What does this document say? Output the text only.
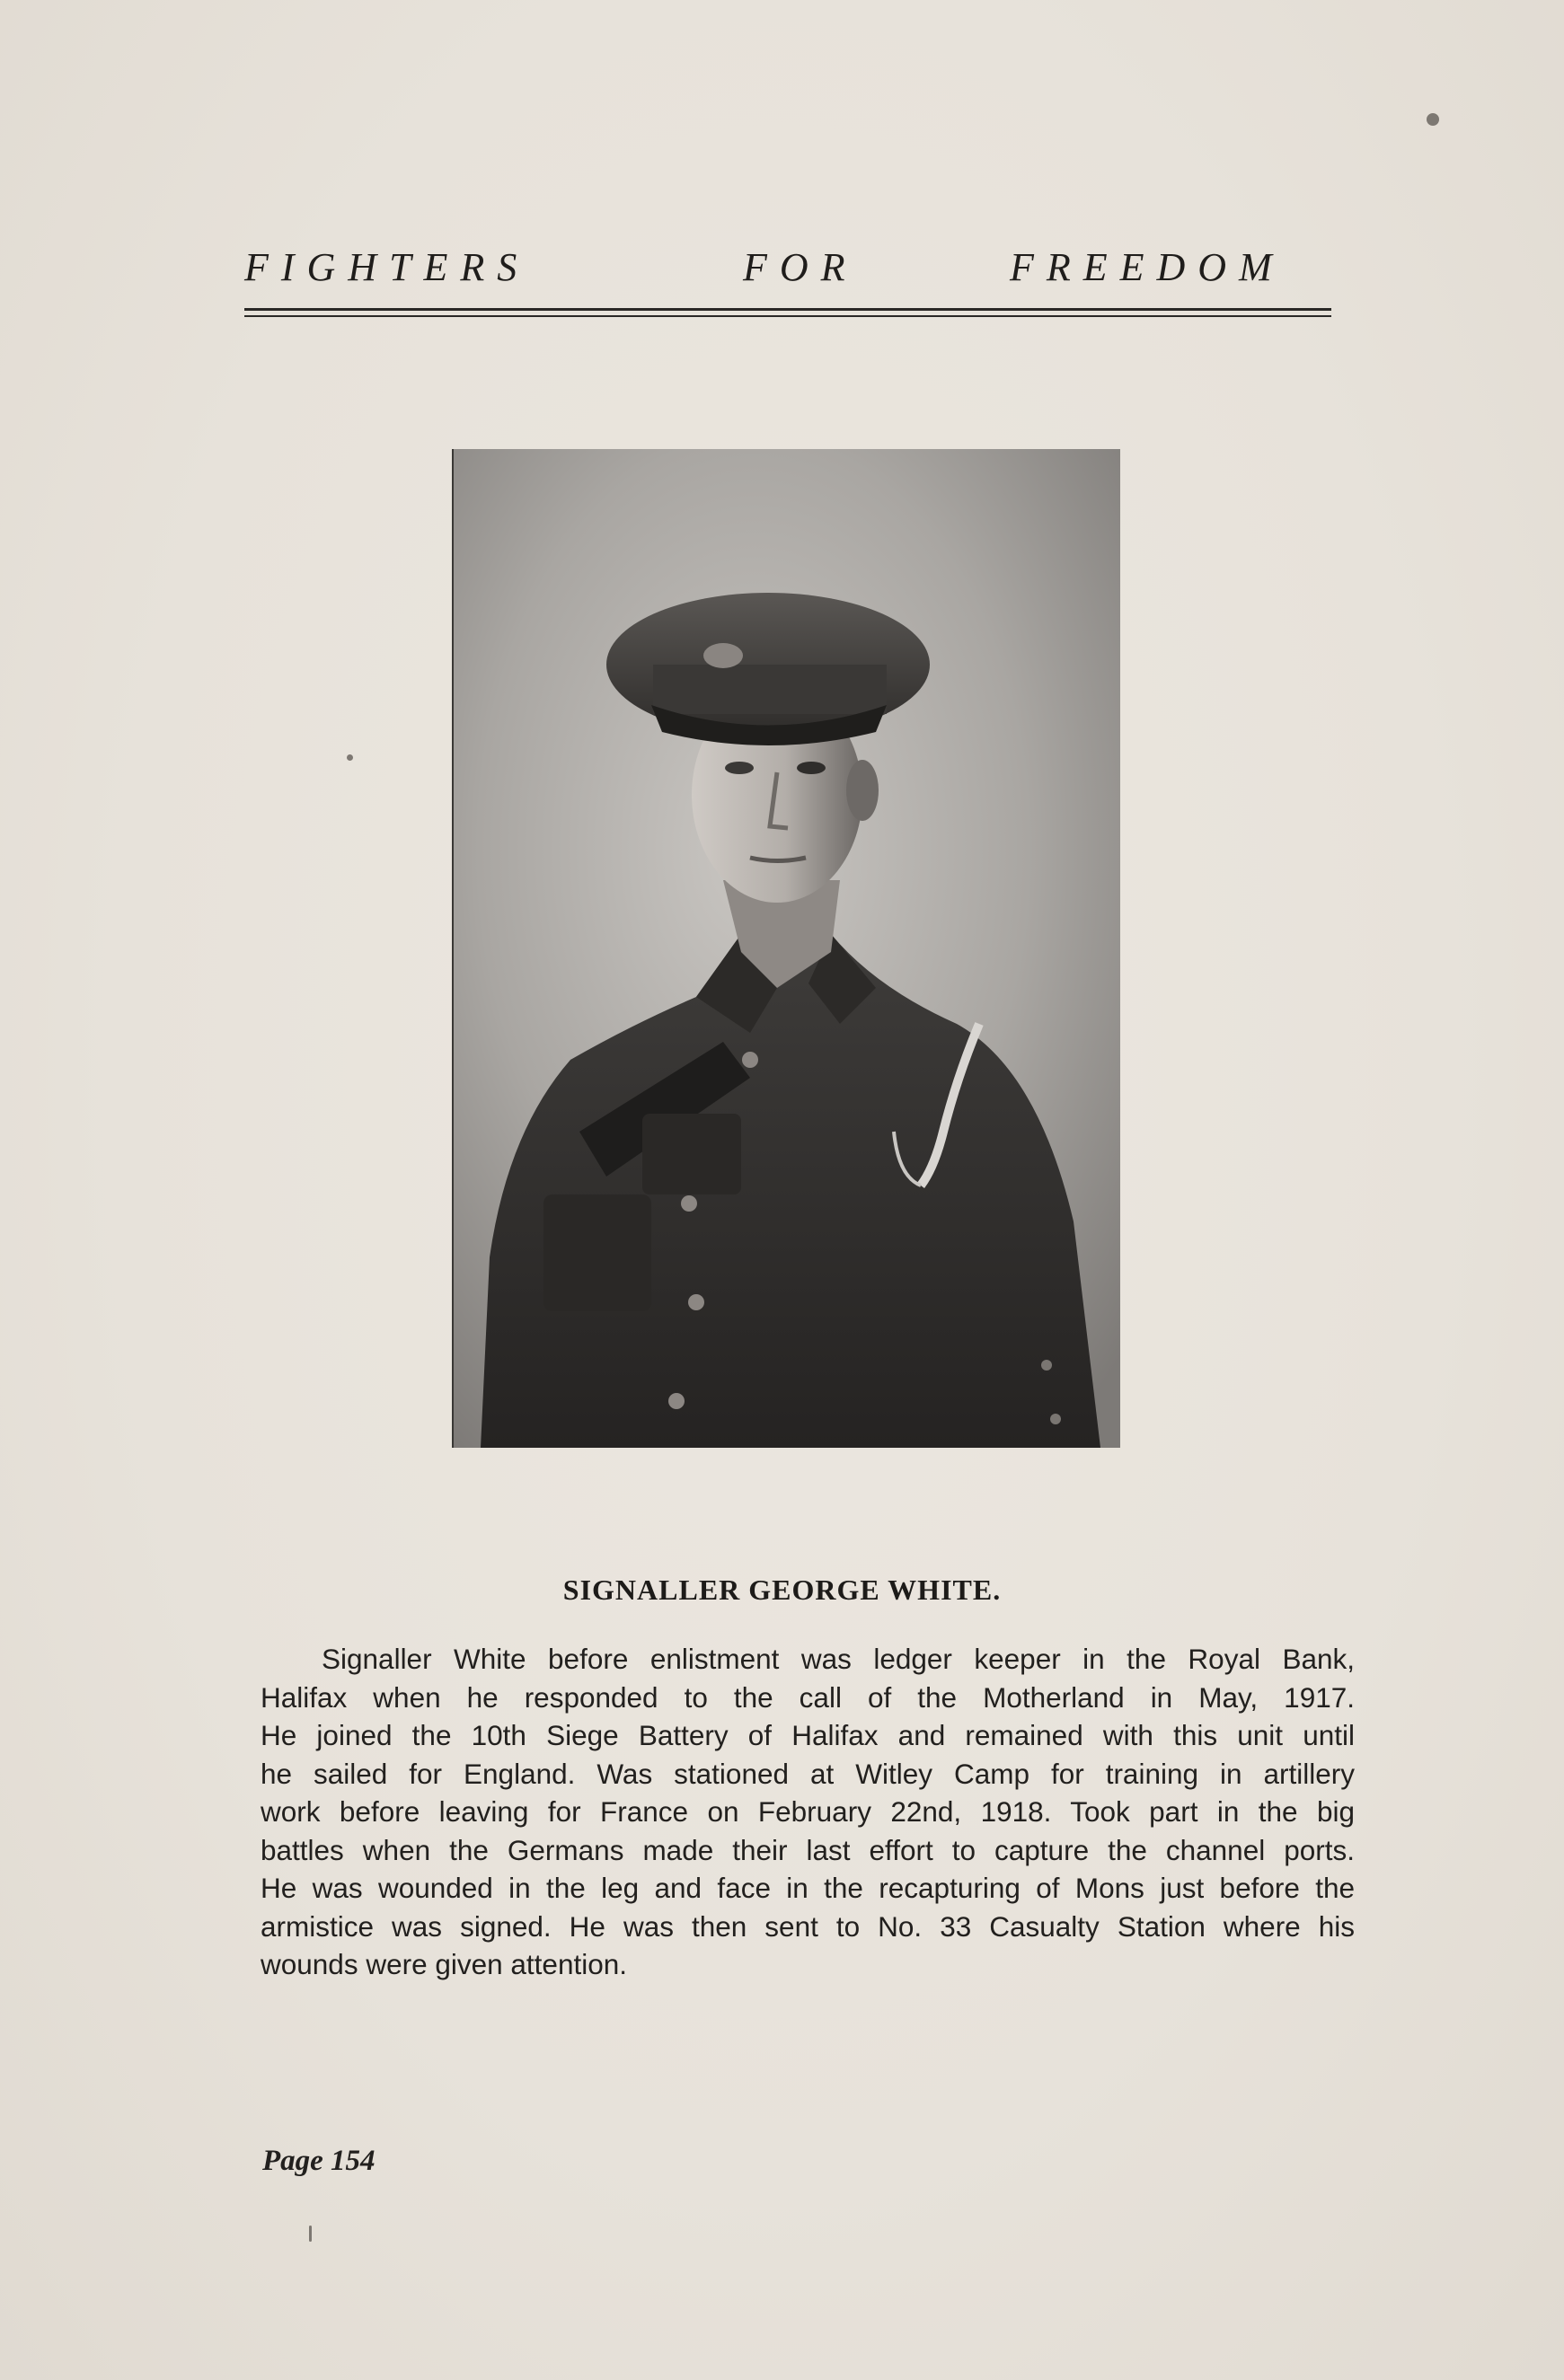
FIGHTERS	FOR	FREEDOM
SIGNALLER GEORGE WHITE.
Signaller White before enlistment was ledger keeper in the Royal Bank,
Halifax when he responded to the call of the Motherland in May, 1917.
He joined the 10th Siege Battery of Halifax and remained with this unit until
he sailed for England. Was stationed at Witley Camp for training in artillery
work before leaving for France on February 22nd, 1918. Took part in the big
battles when the Germans made their last effort to capture the channel ports.
He was wounded in the leg and face in the recapturing of Mons just before the
armistice was signed. He was then sent to No. 33 Casualty Station where his
wounds were given attention.
Page 154
